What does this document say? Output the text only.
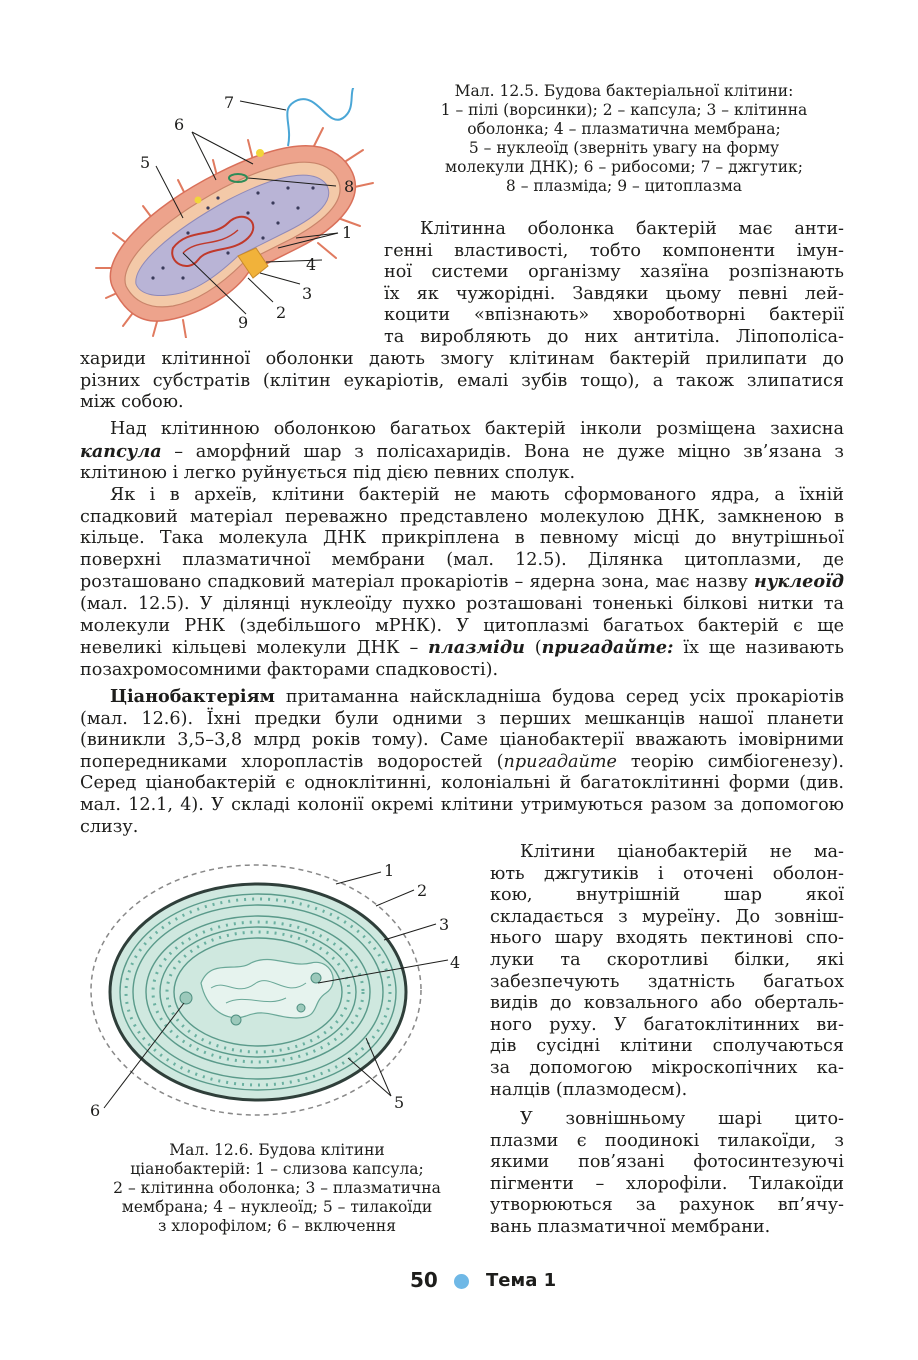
7
6
5
8
1
4
3
2
9
Мал. 12.5. Будова бактеріальної клітини:
1 – пілі (ворсинки); 2 – капсула; 3 – клітинна
оболонка; 4 – плазматична мембрана;
5 – нуклеоїд (зверніть увагу на форму
молекули ДНК); 6 – рибосоми; 7 – джгутик;
8 – плазміда; 9 – цитоплазма
Клітинна оболонка бактерій має анти-
генні властивості, тобто компоненти імун-
ної системи організму хазяїна розпізнають
їх як чужорідні. Завдяки цьому певні лей-
коцити «впізнають» хвороботворні бактерії
та виробляють до них антитіла. Ліпополіса-
хариди клітинної оболонки дають змогу клітинам бактерій прилипати до
різних субстратів (клітин еукаріотів, емалі зубів тощо), а також злипатися
між собою.

Над клітинною оболонкою багатьох бактерій інколи розміщена захисна капсула – аморфний шар з полісахаридів. Вона не дуже міцно зв’язана з клітиною і легко руйнується під дією певних сполук.

Як і в археїв, клітини бактерій не мають сформованого ядра, а їхній спадковий матеріал переважно представлено молекулою ДНК, замкненою в кільце. Така молекула ДНК прикріплена в певному місці до внутрішньої поверхні плазматичної мембрани (мал. 12.5). Ділянка цитоплазми, де розташовано спадковий матеріал прокаріотів – ядерна зона, має назву нуклеоїд (мал. 12.5). У ділянці нуклеоїду пухко розташовані тоненькі білкові нитки та молекули РНК (здебільшого мРНК). У цитоплазмі багатьох бактерій є ще невеликі кільцеві молекули ДНК – плазміди (пригадайте: їх ще називають позахромосомними факторами спадковості).

Ціанобактеріям притаманна найскладніша будова серед усіх прокаріотів (мал. 12.6). Їхні предки були одними з перших мешканців нашої планети (виникли 3,5–3,8 млрд років тому). Саме ціанобактерії вважають імовірними попередниками хлоропластів водоростей (пригадайте теорію симбіогенезу). Серед ціанобактерій є одноклітинні, колоніальні й багатоклітинні форми (див. мал. 12.1, 4). У складі колонії окремі клітини утримуються разом за допомогою слизу.

1
2
3
4
5
6
Мал. 12.6. Будова клітини
ціанобактерій: 1 – слизова капсула;
2 – клітинна оболонка; 3 – плазматична
мембрана; 4 – нуклеоїд; 5 – тилакоїди
з хлорофілом; 6 – включення
Клітини ціанобактерій не ма-
ють джгутиків і оточені оболон-
кою, внутрішній шар якої
складається з муреїну. До зовніш-
нього шару входять пектинові спо-
луки та скоротливі білки, які
забезпечують здатність багатьох
видів до ковзального або оберталь-
ного руху. У багатоклітинних ви-
дів сусідні клітини сполучаються
за допомогою мікроскопічних ка-
налців (плазмодесм).
У зовнішньому шарі цито-
плазми є поодинокі тилакоїди, з
якими пов’язані фотосинтезуючі
пігменти – хлорофіли. Тилакоїди
утворюються за рахунок вп’ячу-
вань плазматичної мембрани.
50	Тема 1
